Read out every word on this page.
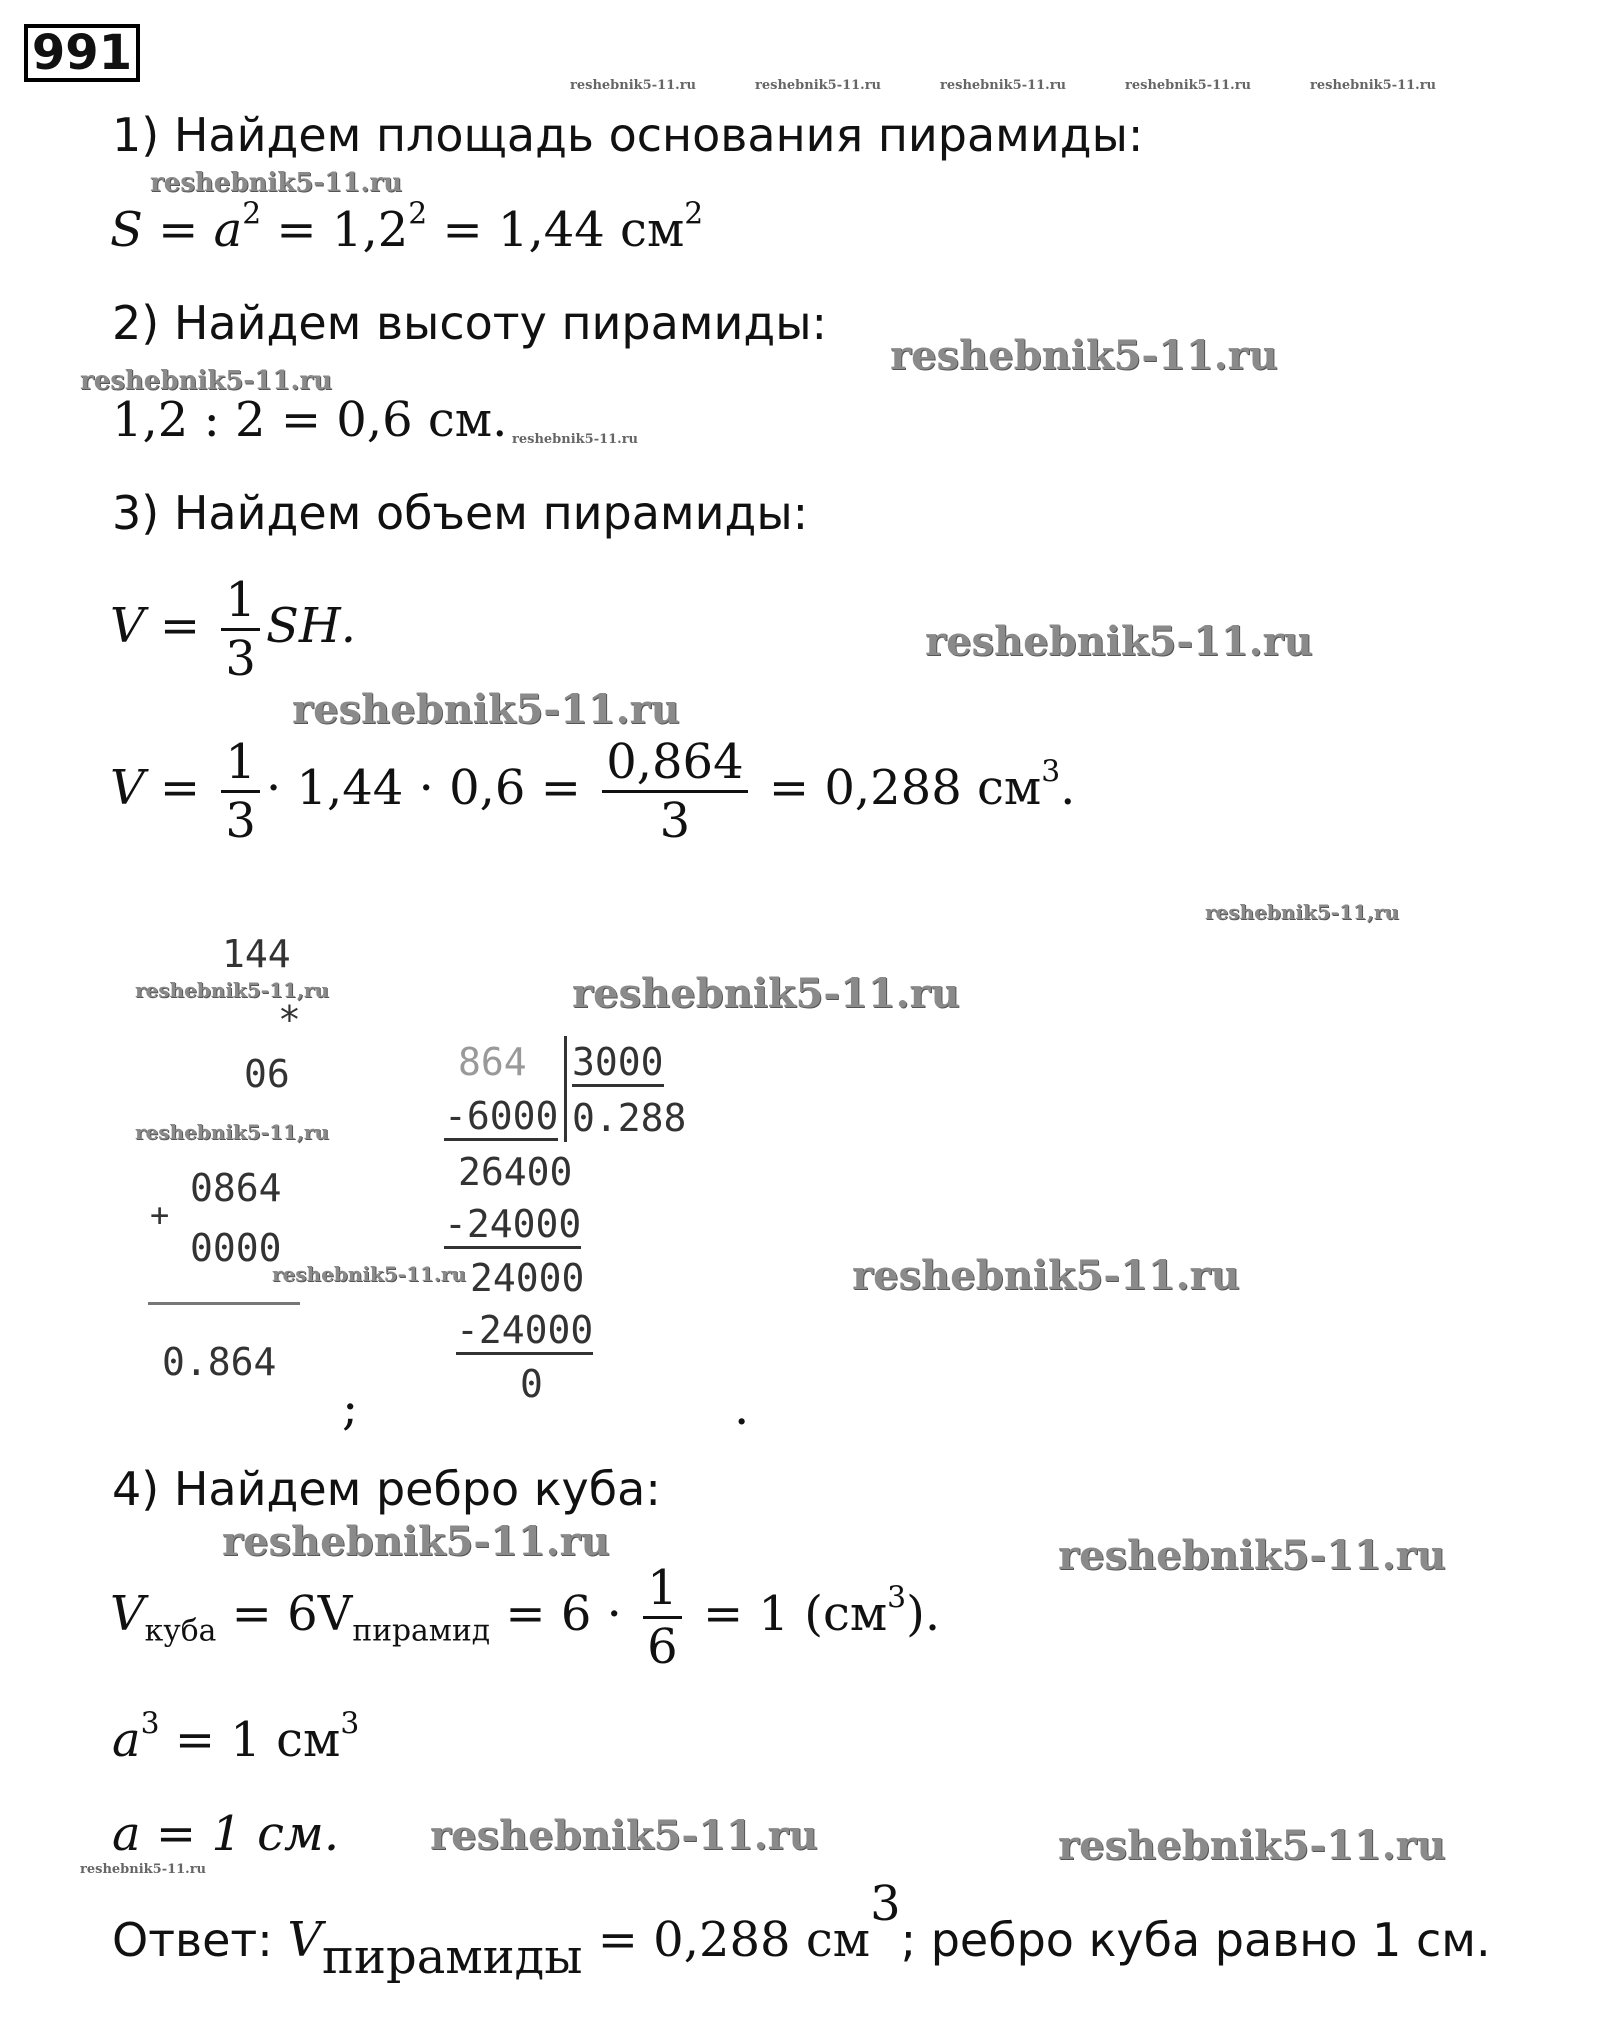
991
reshebnik5-11.ru	reshebnik5-11.ru	reshebnik5-11.ru	reshebnik5-11.ru	reshebnik5-11.ru
1) Найдем площадь основания пирамиды:
reshebnik5-11.ru
$S = a^2 = 1,2^2 = 1,44$ $см^2$
2) Найдем высоту пирамиды:
reshebnik5-11.ru
reshebnik5-11.ru
1,2 : 2 = 0,6 см. reshebnik5-11.ru
3) Найдем объем пирамиды:
$V = \frac{1}{3}$ SH.	reshebnik5-11.ru
reshebnik5-11.ru
$V = \frac{1}{3} \cdot 1,44 \cdot 0,6 = \frac{0,864}{3} = 0,288$ $см^3$.
reshebnik5-11,ru
144
reshebnik5-11,ru	reshebnik5-11.ru
*
06
reshebnik5-11,ru
0864
+
0000
0.864
;
864 3000
-6000 0.288
26400
-24000
reshebnik5-11.ru 24000	reshebnik5-11.ru
-24000
0	.
4) Найдем ребро куба:
reshebnik5-11.ru	reshebnik5-11.ru
$V_{куба} = 6V_{пирамид} = 6 \cdot \frac{1}{6} = 1$ $(см^3)$.
$a^3 = 1$ $см^3$
a = 1 см. reshebnik5-11.ru	reshebnik5-11.ru
reshebnik5-11.ru
Ответ: $V_{пирамиды} = 0,288$ $см^3$; ребро куба равно 1 см.
